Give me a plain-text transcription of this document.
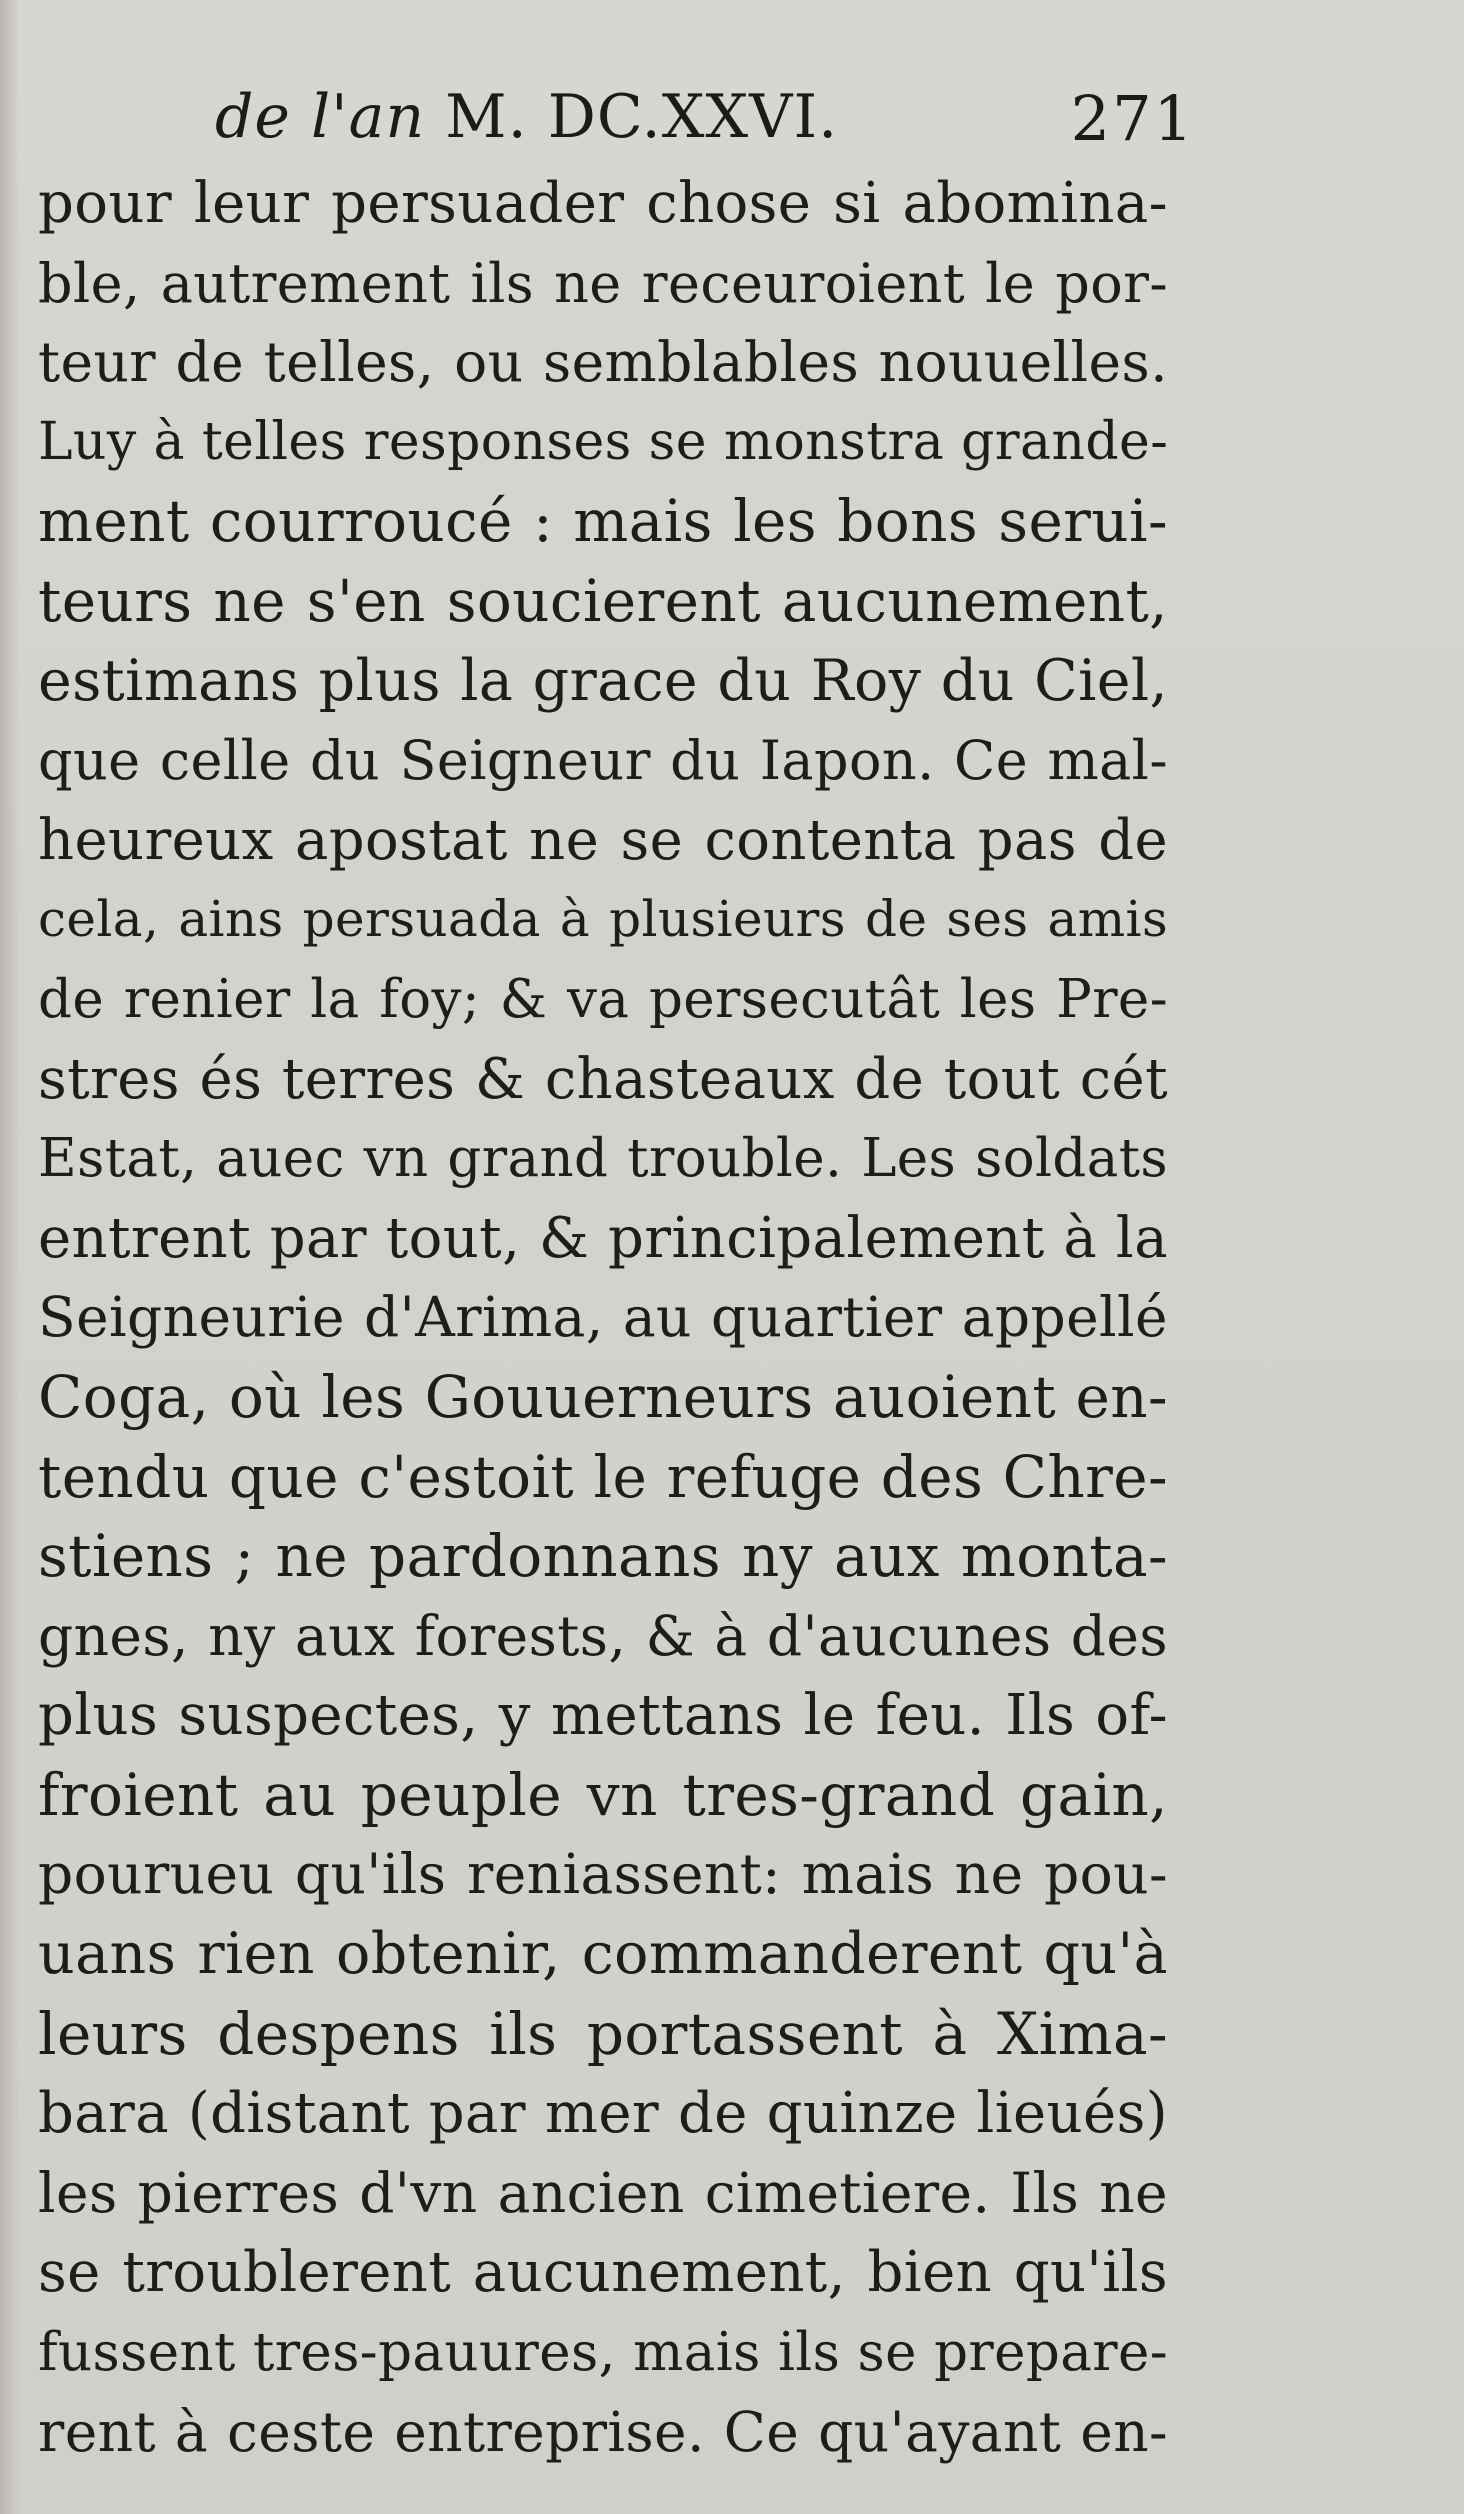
de l'an M. DC.XXVI.	271
pour leur persuader chose si abomina-
ble, autrement ils ne receuroient le por-
teur de telles, ou semblables nouuelles.
Luy à telles responses se monstra grande-
ment courroucé : mais les bons serui-
teurs ne s'en soucierent aucunement,
estimans plus la grace du Roy du Ciel,
que celle du Seigneur du Iapon. Ce mal-
heureux apostat ne se contenta pas de
cela, ains persuada à plusieurs de ses amis
de renier la foy; & va persecutât les Pre-
stres és terres & chasteaux de tout cét
Estat, auec vn grand trouble. Les soldats
entrent par tout, & principalement à la
Seigneurie d'Arima, au quartier appellé
Coga, où les Gouuerneurs auoient en-
tendu que c'estoit le refuge des Chre-
stiens ; ne pardonnans ny aux monta-
gnes, ny aux forests, & à d'aucunes des
plus suspectes, y mettans le feu. Ils of-
froient au peuple vn tres-grand gain,
pourueu qu'ils reniassent: mais ne pou-
uans rien obtenir, commanderent qu'à
leurs despens ils portassent à Xima-
bara (distant par mer de quinze lieués)
les pierres d'vn ancien cimetiere. Ils ne
se troublerent aucunement, bien qu'ils
fussent tres-pauures, mais ils se prepare-
rent à ceste entreprise. Ce qu'ayant en-
